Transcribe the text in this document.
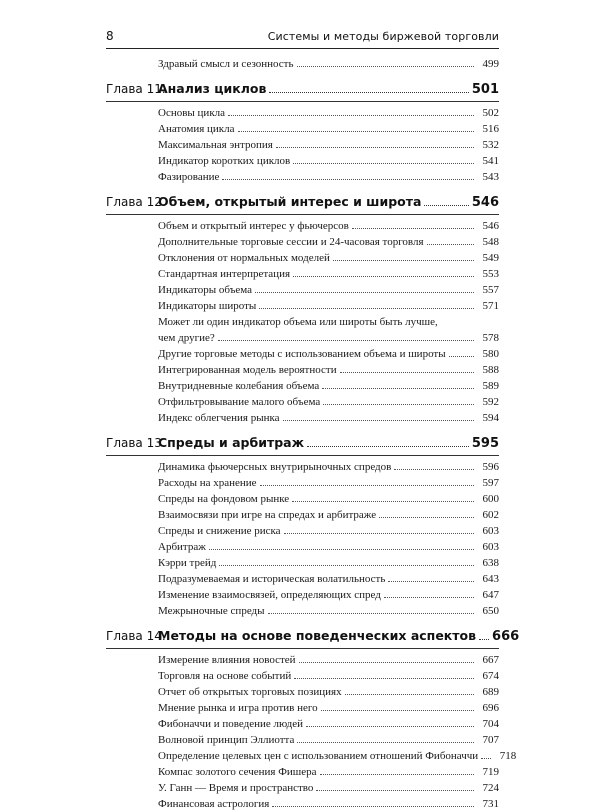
8	Системы и методы биржевой торговли
Здравый смысл и сезонность	499
Глава 11.
Анализ циклов	501
Основы цикла	502
Анатомия цикла	516
Максимальная энтропия	532
Индикатор коротких циклов	541
Фазирование	543
Глава 12.
Объем, открытый интерес и широта	546
Объем и открытый интерес у фьючерсов	546
Дополнительные торговые сессии и 24-часовая торговля	548
Отклонения от нормальных моделей	549
Стандартная интерпретация	553
Индикаторы объема	557
Индикаторы широты	571
Может ли один индикатор объема или широты быть лучше,
чем другие?	578
Другие торговые методы с использованием объема и широты	580
Интегрированная модель вероятности	588
Внутридневные колебания объема	589
Отфильтровывание малого объема	592
Индекс облегчения рынка	594
Глава 13.
Спреды и арбитраж	595
Динамика фьючерсных внутрирыночных спредов	596
Расходы на хранение	597
Спреды на фондовом рынке	600
Взаимосвязи при игре на спредах и арбитраже	602
Спреды и снижение риска	603
Арбитраж	603
Кэрри трейд	638
Подразумеваемая и историческая волатильность	643
Изменение взаимосвязей, определяющих спред	647
Межрыночные спреды	650
Глава 14.
Методы на основе поведенческих аспектов 666
Измерение влияния новостей	667
Торговля на основе событий	674
Отчет об открытых торговых позициях	689
Мнение рынка и игра против него	696
Фибоначчи и поведение людей	704
Волновой принцип Эллиотта	707
Определение целевых цен с использованием отношений Фибоначчи	718
Компас золотого сечения Фишера	719
У. Ганн — Время и пространство	724
Финансовая астрология	731
